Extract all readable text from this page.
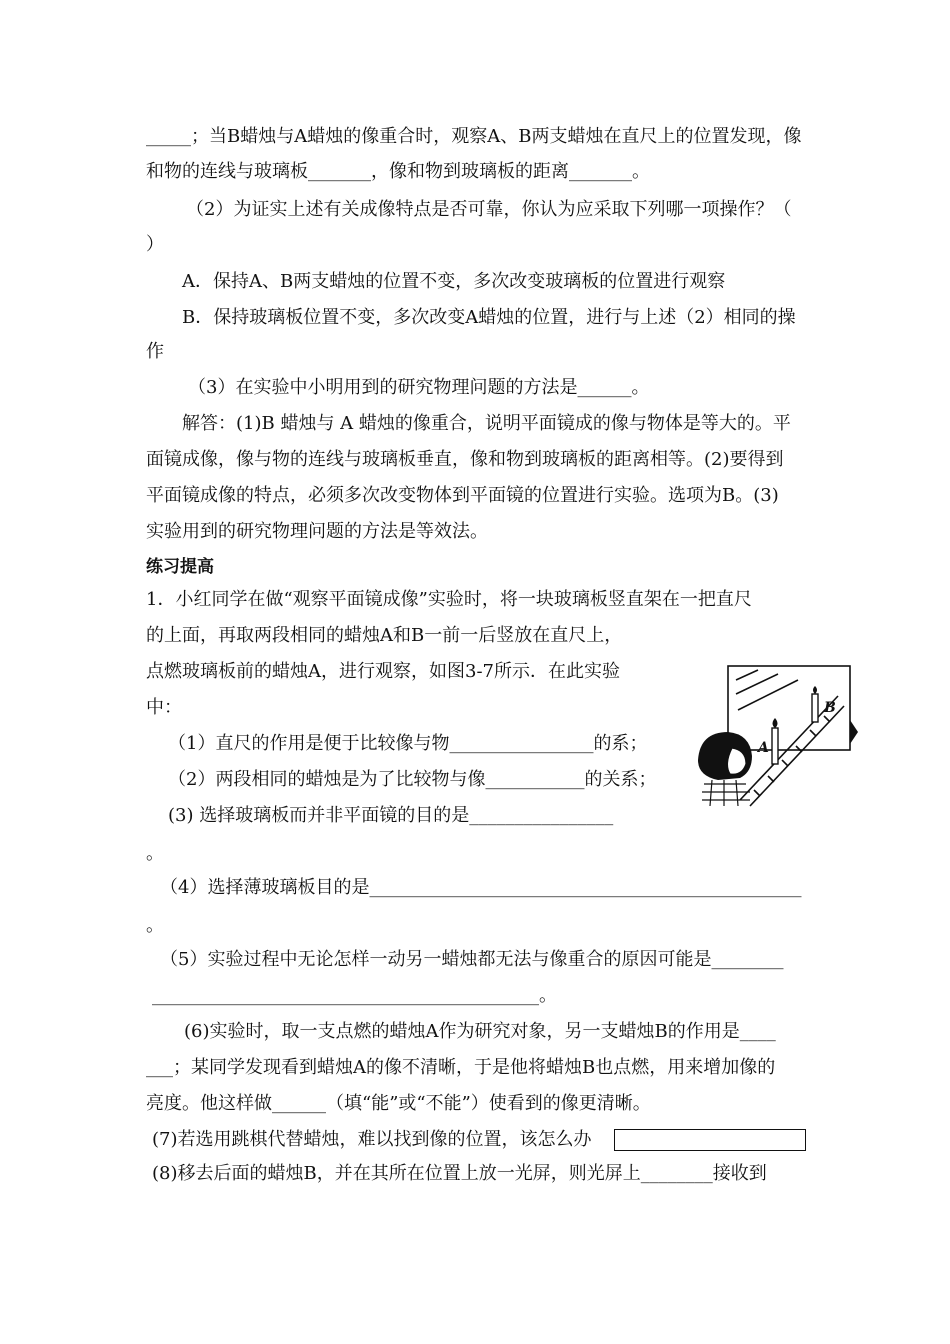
_____；当B蜡烛与A蜡烛的像重合时，观察A、B两支蜡烛在直尺上的位置发现，像
和物的连线与玻璃板_______，像和物到玻璃板的距离_______。
（2）为证实上述有关成像特点是否可靠，你认为应采取下列哪一项操作？（
）
A．保持A、B两支蜡烛的位置不变，多次改变玻璃板的位置进行观察
B．保持玻璃板位置不变，多次改变A蜡烛的位置，进行与上述（2）相同的操
作
（3）在实验中小明用到的研究物理问题的方法是______。
解答：(1)B 蜡烛与 A 蜡烛的像重合，说明平面镜成的像与物体是等大的。平
面镜成像，像与物的连线与玻璃板垂直，像和物到玻璃板的距离相等。(2)要得到
平面镜成像的特点，必须多次改变物体到平面镜的位置进行实验。选项为B。(3)
实验用到的研究物理问题的方法是等效法。
练习提高
1．小红同学在做“观察平面镜成像”实验时，将一块玻璃板竖直架在一把直尺
的上面，再取两段相同的蜡烛A和B一前一后竖放在直尺上，
点燃玻璃板前的蜡烛A，进行观察，如图3-7所示．在此实验
中：
（1）直尺的作用是便于比较像与物________________的系；
（2）两段相同的蜡烛是为了比较物与像___________的关系；
(3) 选择玻璃板而并非平面镜的目的是________________
。
（4）选择薄玻璃板目的是________________________________________________
。
（5）实验过程中无论怎样一动另一蜡烛都无法与像重合的原因可能是________
___________________________________________。
(6)实验时，取一支点燃的蜡烛A作为研究对象，另一支蜡烛B的作用是____
___；某同学发现看到蜡烛A的像不清晰，于是他将蜡烛B也点燃，用来增加像的
亮度。他这样做______（填“能”或“不能”）使看到的像更清晰。
(7)若选用跳棋代替蜡烛，难以找到像的位置，该怎么办
(8)移去后面的蜡烛B，并在其所在位置上放一光屏，则光屏上________接收到
A
B
